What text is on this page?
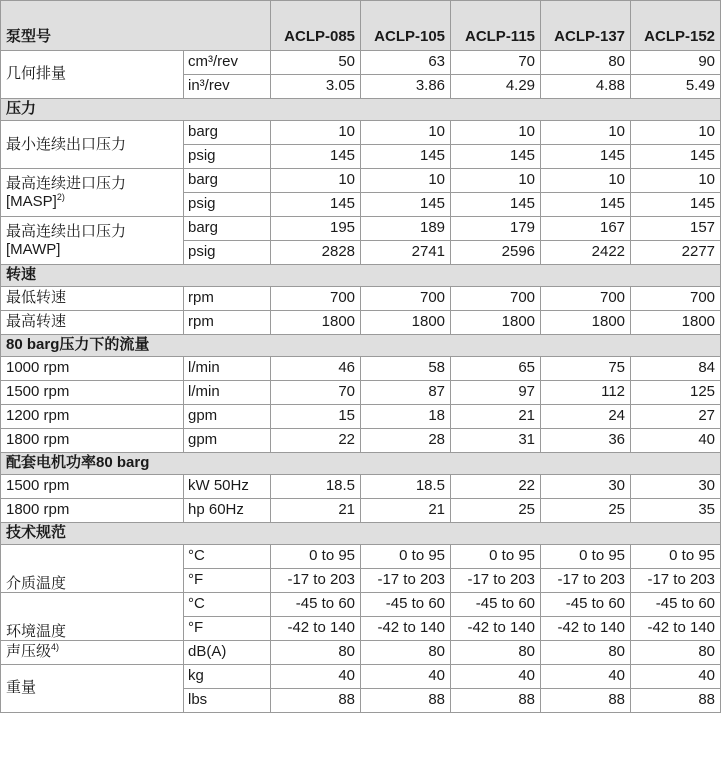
泵型号		ACLP-085	ACLP-105	ACLP-115	ACLP-137	ACLP-152
几何排量	cm³/rev	50	63	70	80	90
	in³/rev	3.05	3.86	4.29	4.88	5.49
压力						
最小连续出口压力	barg	10	10	10	10	10
	psig	145	145	145	145	145
最高连续进口压力 [MASP]$^{2)}$	barg	10	10	10	10	10
	psig	145	145	145	145	145
最高连续出口压力 [MAWP]	barg	195	189	179	167	157
	psig	2828	2741	2596	2422	2277
转速						
最低转速	rpm	700	700	700	700	700
最高转速	rpm	1800	1800	1800	1800	1800
80 barg压力下的流量						
1000 rpm	l/min	46	58	65	75	84
1500 rpm	l/min	70	87	97	112	125
1200 rpm	gpm	15	18	21	24	27
1800 rpm	gpm	22	28	31	36	40
配套电机功率80 barg						
1500 rpm	kW 50Hz	18.5	18.5	22	30	30
1800 rpm	hp 60Hz	21	21	25	25	35
技术规范						
介质温度	°C	0 to 95	0 to 95	0 to 95	0 to 95	0 to 95
	°F	-17 to 203	-17 to 203	-17 to 203	-17 to 203	-17 to 203
环境温度	°C	-45 to 60	-45 to 60	-45 to 60	-45 to 60	-45 to 60
	°F	-42 to 140	-42 to 140	-42 to 140	-42 to 140	-42 to 140
声压级$^{4)}$	dB(A)	80	80	80	80	80
重量	kg	40	40	40	40	40
	lbs	88	88	88	88	88
